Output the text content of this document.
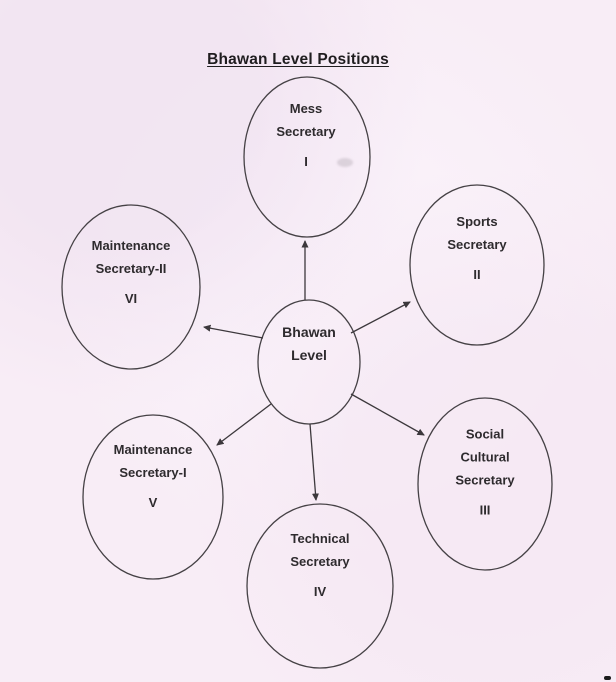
Bhawan Level Positions
Bhawan
Level
Mess
Secretary
I
Sports
Secretary
II
Maintenance
Secretary-II
VI
Maintenance
Secretary-I
V
Technical
Secretary
IV
Social
Cultural
Secretary
III
